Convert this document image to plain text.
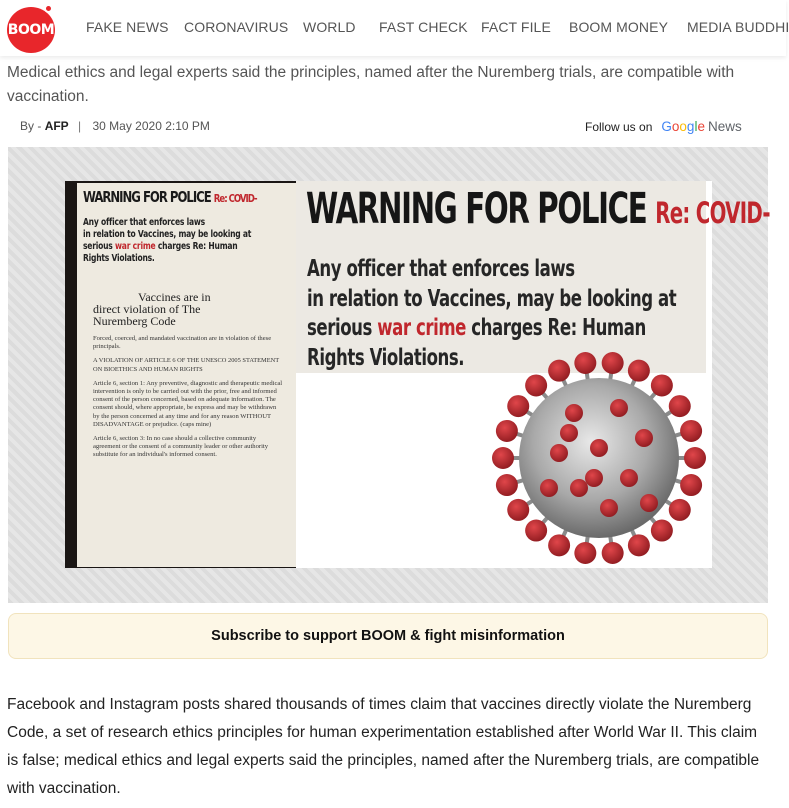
BOOM FAKE NEWS CORONAVIRUS WORLD FAST CHECK FACT FILE BOOM MONEY MEDIA BUDDHI

Medical ethics and legal experts said the principles, named after the Nuremberg trials, are compatible with vaccination.

By - AFP | 30 May 2020 2:10 PM	Follow us on Google News
WARNING FOR POLICE Re: COVID-
Any officer that enforces laws
in relation to Vaccines, may be looking at
serious war crime charges Re: Human
Rights Violations.
Vaccines are in
direct violation of The
Nuremberg Code

Forced, coerced, and mandated vaccination are in violation of these principals.

A VIOLATION OF ARTICLE 6 OF THE UNESCO 2005 STATEMENT ON BIOETHICS AND HUMAN RIGHTS

Article 6, section 1: Any preventive, diagnostic and therapeutic medical intervention is only to be carried out with the prior, free and informed consent of the person concerned, based on adequate information. The consent should, where appropriate, be express and may be withdrawn by the person concerned at any time and for any reason WITHOUT DISADVANTAGE or prejudice. (caps mine)

Article 6, section 3: In no case should a collective community agreement or the consent of a community leader or other authority substitute for an individual's informed consent.

WARNING FOR POLICE Re: COVID-
Any officer that enforces laws
in relation to Vaccines, may be looking at
serious war crime charges Re: Human
Rights Violations.
Subscribe to support BOOM & fight misinformation

Facebook and Instagram posts shared thousands of times claim that vaccines directly violate the Nuremberg Code, a set of research ethics principles for human experimentation established after World War II. This claim is false; medical ethics and legal experts said the principles, named after the Nuremberg trials, are compatible with vaccination.
